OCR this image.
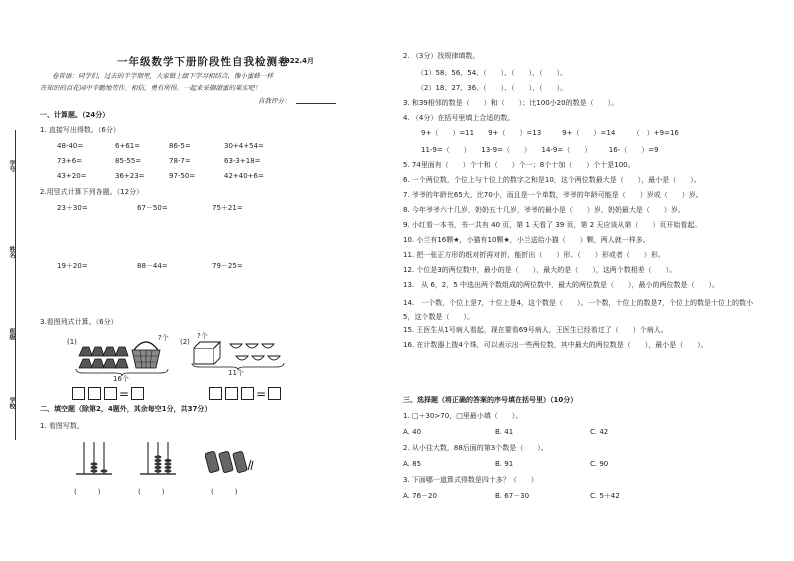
学号
姓名
班级
学校
一年级数学下册阶段性自我检测卷
2022.4月
卷首语：同学们，过去的半学期里，大家做上级下学习相结合，像小蜜蜂一样
在知识的百花园中辛勤地劳作。相信，勇有所得。一起来采撷甜蜜的果实吧！
自我评分：
一、计算题。（24分）
1. 直接写出得数。（6分）
48-40=	6+61=	86-5=	30+4+54=
73+6=	85-55=	78-7=	63-3+18=
43+20=	36+23=	97-50=	42+40+6=
2.用竖式计算下列各题。（12分）
23＋30=	67－50=	75＋21=
19＋20=	88－44=	79－25=
3.看图列式计算。（6分）
(1)	?个
16个
(2)
?个
11个
=	=
二、填空题（除第2，4题外，其余每空1分，共37分）
1. 看图写数。
(　　　)	(　　　)	(　　　)
2. （3分）找规律填数。
（1）58、56、54、（　　）、（　　）、（　　）。
（2）18、27、36、（　　）、（　　）、（　　）。
3. 和39相邻的数是（　　）和（　　）；比100小20的数是（　　）。
4. （4分）在括号里填上合适的数。
9+（　　）=11　　9+（　　）=13　　　9+（　　）=14　　　（　）+9=16
11-9=（　　）　　13-9=（　　）　　14-9=（　　）　　　16-（　　）=9
5. 74里面有（　　）个十和（　　）个一；8个十加（　　）个十是100。
6. 一个两位数，个位上与十位上的数字之和是10，这个两位数最大是（　　），最小是（　　）。
7. 爷爷的年龄比65大，比70小，而且是一个单数，爷爷的年龄可能是（　　）岁或（　　）岁。
8. 今年爷爷六十几岁，奶奶五十几岁，爷爷的最小是（　　）岁，奶奶最大是（　　）岁。
9. 小红看一本书，书一共有 40 页，第 1 天看了 39 页，第 2 天应该从第（　　）页开始看起。
10. 小兰有16颗★，小猫有10颗★，小兰送给小猫（　　）颗，两人就一样多。
11. 把一张正方形的纸对折再对折，能折出（　　）形、（　　）形或者（　　）形。
12. 个位是3的两位数中，最小的是（　　），最大的是（　　），这两个数相差（　　）。
13.　从 6，2，5 中选出两个数组成的两位数中，最大的两位数是（　　），最小的两位数是（　　）。
14.　一个数，个位上是7，十位上是4，这个数是（　　）。一个数，十位上的数是7，个位上的数是十位上的数小5，这个数是（　　）。
15. 王医生从1号病人看起，现在要看69号病人，王医生已经看过了（　　）个病人。
16. 在计数器上拨4个珠，可以表示出一些两位数，其中最大的两位数是（　　），最小是（　　）。
三、选择题（将正确的答案的序号填在括号里）（10分）
1. □＋30>70，□里最小填（　　）。
A. 40	B. 41	C. 42
2. 从小往大数，88后面的第3个数是（　　）。
A. 85	B. 91	C. 90
3. 下面哪一道算式得数是四十多？（　　）
A. 76－20	B. 67－30	C. 5＋42
